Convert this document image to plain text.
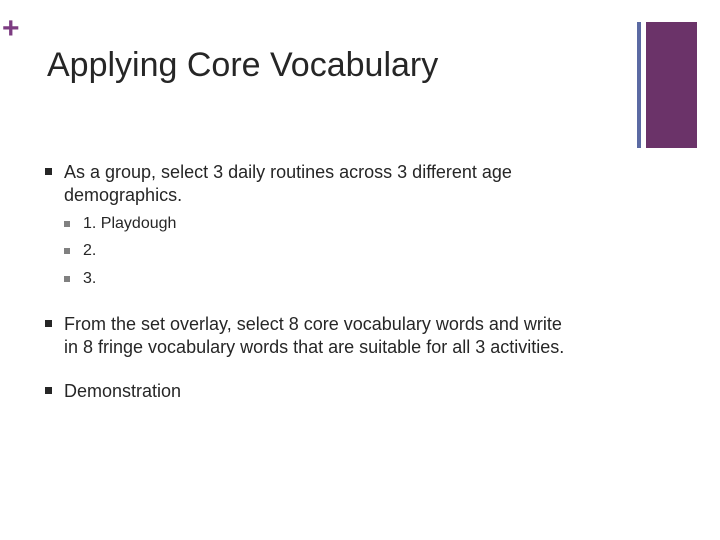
+
Applying Core Vocabulary
As a group, select 3 daily routines across 3 different age
demographics.
1. Playdough
2.
3.
From the set overlay, select 8 core vocabulary words and write
in 8 fringe vocabulary words that are suitable for all 3 activities.
Demonstration
